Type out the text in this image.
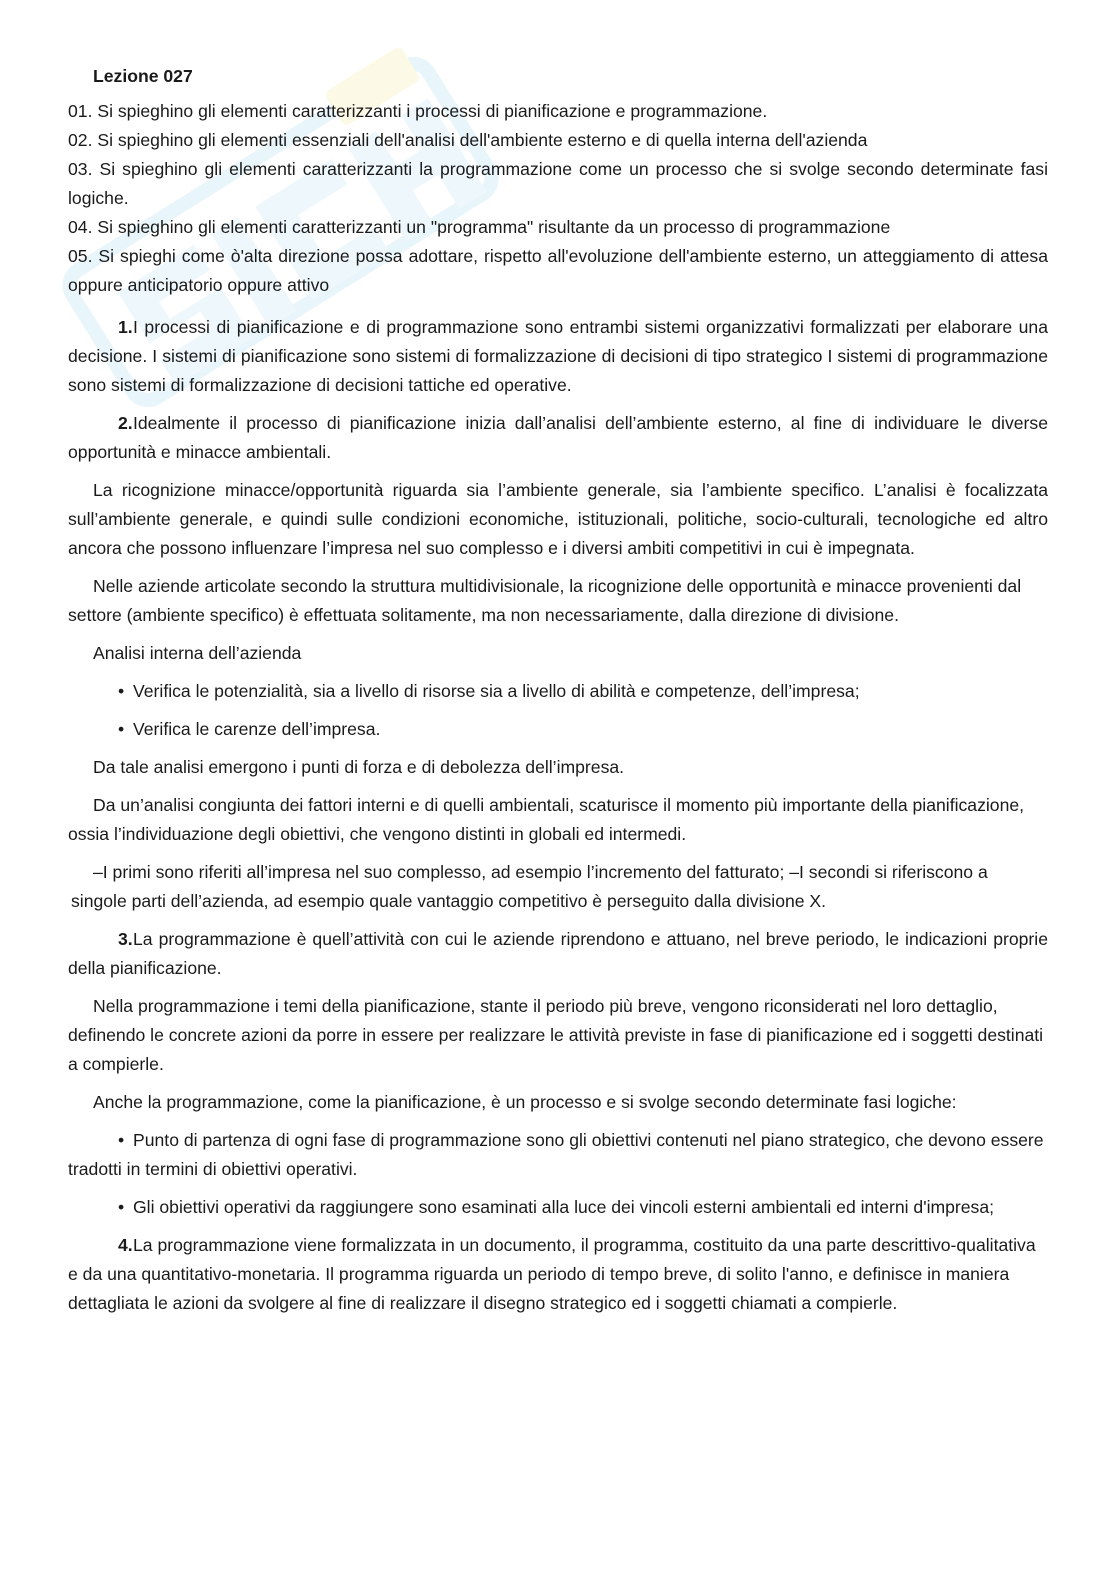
Lezione 027

01. Si spieghino gli elementi caratterizzanti i processi di pianificazione e programmazione.

02. Si spieghino gli elementi essenziali dell'analisi dell'ambiente esterno e di quella interna dell'azienda

03. Si spieghino gli elementi caratterizzanti la programmazione come un processo che si svolge secondo determinate fasi logiche.

04. Si spieghino gli elementi caratterizzanti un "programma" risultante da un processo di programmazione

05. Si spieghi come ò'alta direzione possa adottare, rispetto all'evoluzione dell'ambiente esterno, un atteggiamento di attesa oppure anticipatorio oppure attivo

1.I processi di pianificazione e di programmazione sono entrambi sistemi organizzativi formalizzati per elaborare una decisione. I sistemi di pianificazione sono sistemi di formalizzazione di decisioni di tipo strategico I sistemi di programmazione sono sistemi di formalizzazione di decisioni tattiche ed operative.

2.Idealmente il processo di pianificazione inizia dall’analisi dell’ambiente esterno, al fine di individuare le diverse opportunità e minacce ambientali.

La ricognizione minacce/opportunità riguarda sia l’ambiente generale, sia l’ambiente specifico. L’analisi è focalizzata sull’ambiente generale, e quindi sulle condizioni economiche, istituzionali, politiche, socio-culturali, tecnologiche ed altro ancora che possono influenzare l’impresa nel suo complesso e i diversi ambiti competitivi in cui è impegnata.

Nelle aziende articolate secondo la struttura multidivisionale, la ricognizione delle opportunità e minacce provenienti dal settore (ambiente specifico) è effettuata solitamente, ma non necessariamente, dalla direzione di divisione.

Analisi interna dell’azienda

• Verifica le potenzialità, sia a livello di risorse sia a livello di abilità e competenze, dell’impresa;

• Verifica le carenze dell’impresa.

Da tale analisi emergono i punti di forza e di debolezza dell’impresa.

Da un’analisi congiunta dei fattori interni e di quelli ambientali, scaturisce il momento più importante della pianificazione, ossia l’individuazione degli obiettivi, che vengono distinti in globali ed intermedi.

–I primi sono riferiti all’impresa nel suo complesso, ad esempio l’incremento del fatturato; –I secondi si riferiscono a singole parti dell’azienda, ad esempio quale vantaggio competitivo è perseguito dalla divisione X.

3.La programmazione è quell’attività con cui le aziende riprendono e attuano, nel breve periodo, le indicazioni proprie della pianificazione.

Nella programmazione i temi della pianificazione, stante il periodo più breve, vengono riconsiderati nel loro dettaglio, definendo le concrete azioni da porre in essere per realizzare le attività previste in fase di pianificazione ed i soggetti destinati a compierle.

Anche la programmazione, come la pianificazione, è un processo e si svolge secondo determinate fasi logiche:

• Punto di partenza di ogni fase di programmazione sono gli obiettivi contenuti nel piano strategico, che devono essere tradotti in termini di obiettivi operativi.

• Gli obiettivi operativi da raggiungere sono esaminati alla luce dei vincoli esterni ambientali ed interni d'impresa;

4.La programmazione viene formalizzata in un documento, il programma, costituito da una parte descrittivo-qualitativa e da una quantitativo-monetaria. Il programma riguarda un periodo di tempo breve, di solito l'anno, e definisce in maniera dettagliata le azioni da svolgere al fine di realizzare il disegno strategico ed i soggetti chiamati a compierle.
